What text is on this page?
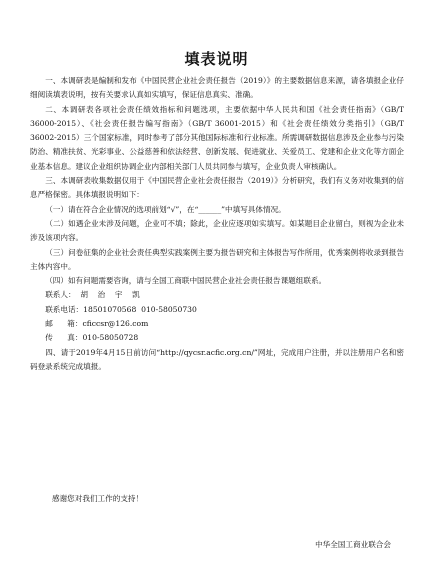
填表说明

一、本调研表是编制和发布《中国民营企业社会责任报告（2019）》的主要数据信息来源，请各填报企业仔细阅读填表说明，按有关要求认真如实填写，保证信息真实、准确。

二、本调研表各项社会责任绩效指标和问题选项，主要依据中华人民共和国《社会责任指南》（GB/T 36000-2015）、《社会责任报告编写指南》（GB/T 36001-2015）和《社会责任绩效分类指引》（GB/T 36002-2015）三个国家标准，同时参考了部分其他国际标准和行业标准。所需调研数据信息涉及企业参与污染防治、精准扶贫、光彩事业、公益慈善和依法经营、创新发展、促进就业、关爱员工、党建和企业文化等方面企业基本信息。建议企业组织协调企业内部相关部门人员共同参与填写，企业负责人审核确认。

三、本调研表收集数据仅用于《中国民营企业社会责任报告（2019）》分析研究，我们有义务对收集到的信息严格保密。具体填报说明如下：

（一）请在符合企业情况的选项前划“√”，在“______”中填写具体情况。

（二）如遇企业未涉及问题，企业可不填；除此，企业应逐项如实填写。如某题目企业留白，则视为企业未涉及该项内容。

（三）问卷征集的企业社会责任典型实践案例主要为报告研究和主体报告写作所用，优秀案例将收录到报告主体内容中。

（四）如有问题需要咨询，请与全国工商联中国民营企业社会责任报告课题组联系。

联系人：  胡    治    宇    凯

联系电话：18501070568  010-58050730

邮      箱：cficcsr@126.com

传      真：010-58050728

四、请于2019年4月15日前访问“http://qycsr.acfic.org.cn/”网址，完成用户注册，并以注册用户名和密码登录系统完成填报。

感谢您对我们工作的支持！
中华全国工商业联合会
